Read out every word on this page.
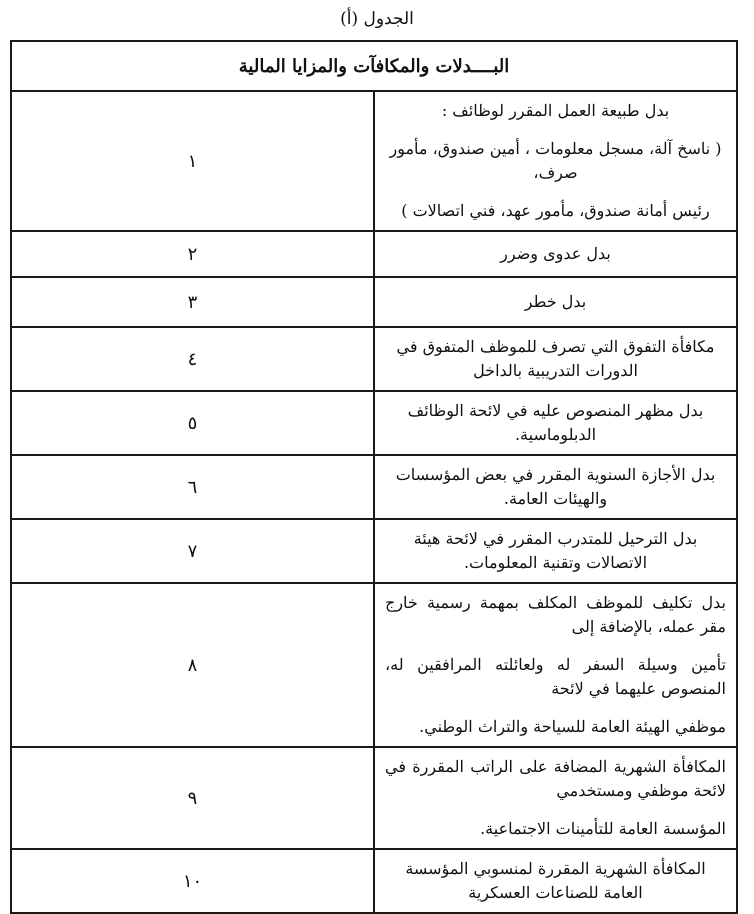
الجدول (أ)
البــــدلات والمكافآت والمزايا المالية	

بدل طبيعة العمل المقرر لوظائف :
( ناسخ آلة، مسجل معلومات ، أمين صندوق، مأمور صرف،
رئيس أمانة صندوق، مأمور عهد، فني اتصالات )	١

بدل عدوى وضرر	٢

بدل خطر	٣

مكافأة التفوق التي تصرف للموظف المتفوق في الدورات التدريبية بالداخل	٤

بدل مظهر المنصوص عليه في لائحة الوظائف الدبلوماسية.	٥

بدل الأجازة السنوية المقرر في بعض المؤسسات والهيئات العامة.	٦

بدل الترحيل للمتدرب المقرر في لائحة هيئة الاتصالات وتقنية المعلومات.	٧

بدل تكليف للموظف المكلف بمهمة رسمية خارج مقر عمله، بالإضافة إلى
تأمين وسيلة السفر له ولعائلته المرافقين له، المنصوص عليهما في لائحة
موظفي الهيئة العامة للسياحة والتراث الوطني.	٨

المكافأة الشهرية المضافة على الراتب المقررة في لائحة موظفي ومستخدمي
المؤسسة العامة للتأمينات الاجتماعية.	٩

المكافأة الشهرية المقررة لمنسوبي المؤسسة العامة للصناعات العسكرية	١٠
